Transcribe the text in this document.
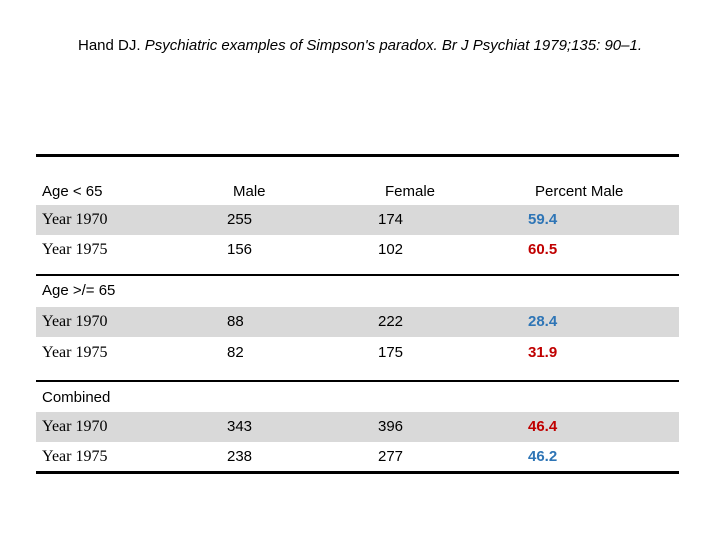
Hand DJ. Psychiatric examples of Simpson's paradox. Br J Psychiat 1979;135: 90–1.
Age < 65	Male	Female	Percent Male
Year 1970	255	174	59.4
Year 1975	156	102	60.5
Age >/= 65
Year 1970	88	222	28.4
Year 1975	82	175	31.9
Combined
Year 1970	343	396	46.4
Year 1975	238	277	46.2
